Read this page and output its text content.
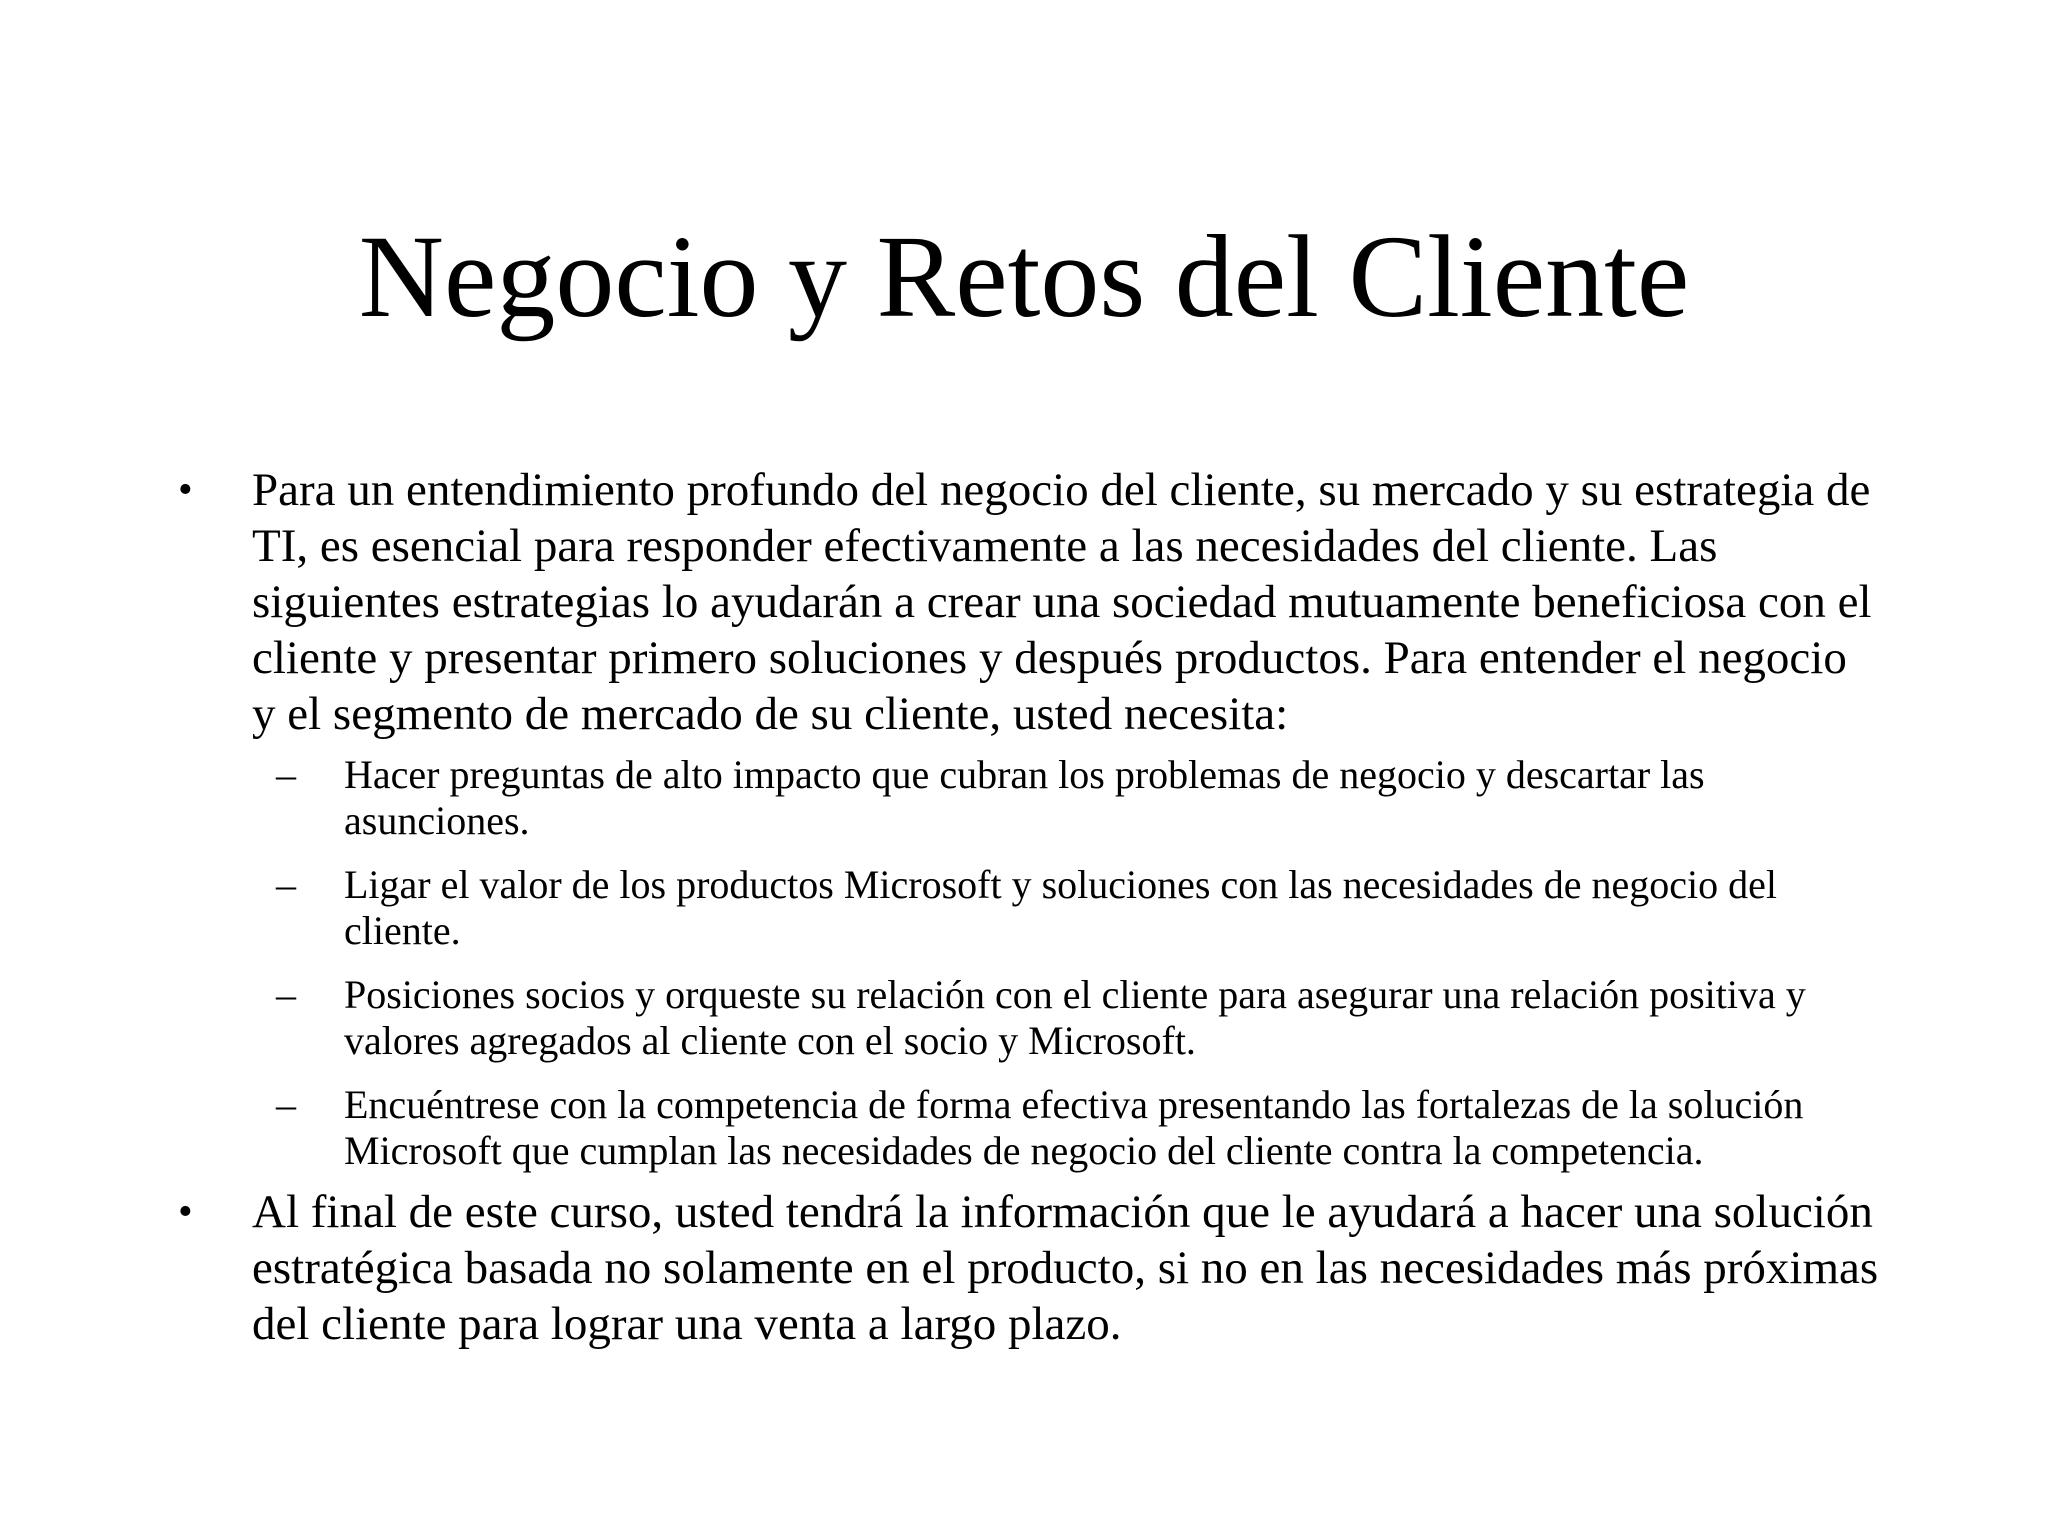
Negocio y Retos del Cliente
• Para un entendimiento profundo del negocio del cliente, su mercado y su estrategia de TI, es esencial para responder efectivamente a las necesidades del cliente. Las siguientes estrategias lo ayudarán a crear una sociedad mutuamente beneficiosa con el cliente y presentar primero soluciones y después productos. Para entender el negocio y el segmento de mercado de su cliente, usted necesita:
– Hacer preguntas de alto impacto que cubran los problemas de negocio y descartar las asunciones.
– Ligar el valor de los productos Microsoft y soluciones con las necesidades de negocio del cliente.
– Posiciones socios y orqueste su relación con el cliente para asegurar una relación positiva y valores agregados al cliente con el socio y Microsoft.
– Encuéntrese con la competencia de forma efectiva presentando las fortalezas de la solución Microsoft que cumplan las necesidades de negocio del cliente contra la competencia.
• Al final de este curso, usted tendrá la información que le ayudará a hacer una solución estratégica basada no solamente en el producto, si no en las necesidades más próximas del cliente para lograr una venta a largo plazo.
